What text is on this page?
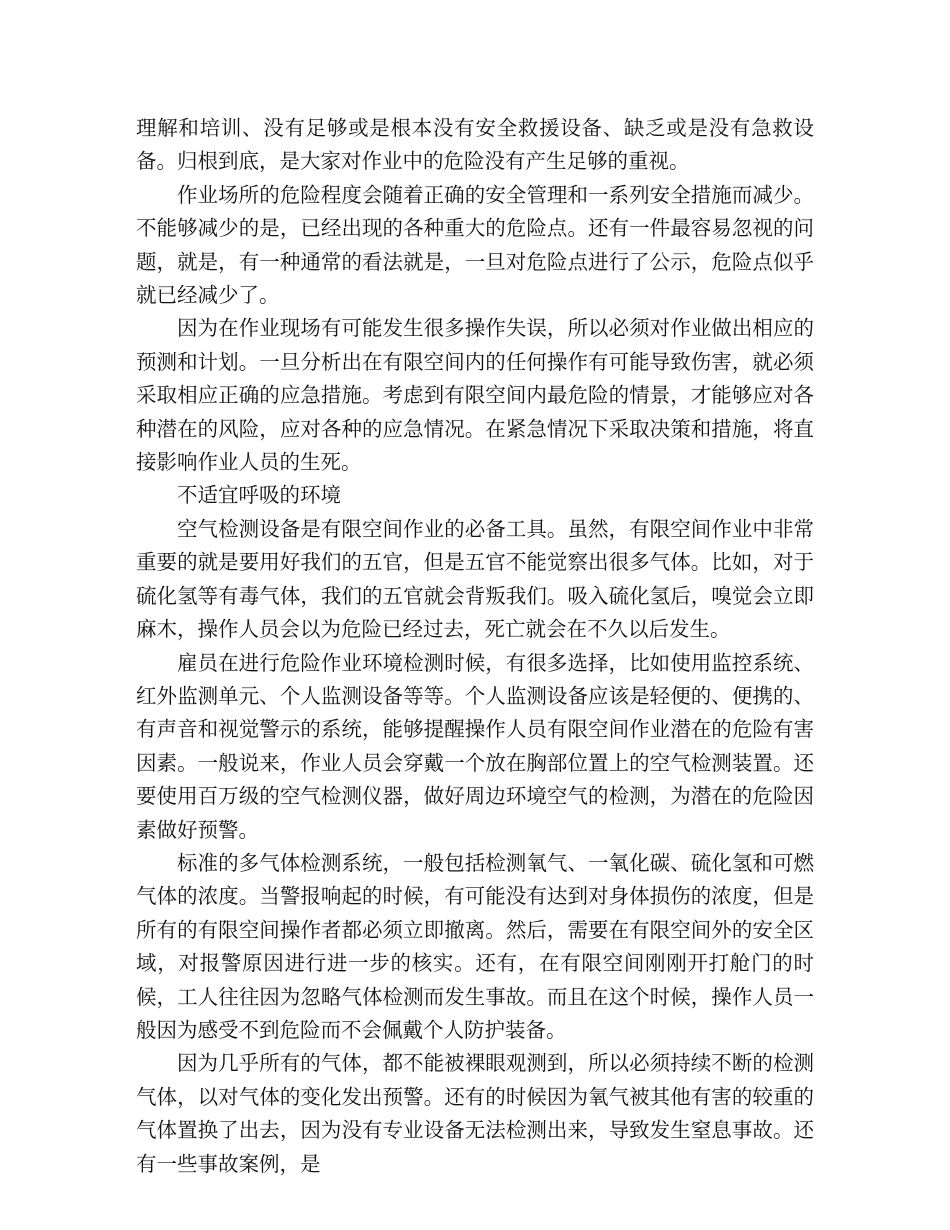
理解和培训、没有足够或是根本没有安全救援设备、缺乏或是没有急救设备。归根到底，是大家对作业中的危险没有产生足够的重视。

作业场所的危险程度会随着正确的安全管理和一系列安全措施而减少。不能够减少的是，已经出现的各种重大的危险点。还有一件最容易忽视的问题，就是，有一种通常的看法就是，一旦对危险点进行了公示，危险点似乎就已经减少了。

因为在作业现场有可能发生很多操作失误，所以必须对作业做出相应的预测和计划。一旦分析出在有限空间内的任何操作有可能导致伤害，就必须采取相应正确的应急措施。考虑到有限空间内最危险的情景，才能够应对各种潜在的风险，应对各种的应急情况。在紧急情况下采取决策和措施，将直接影响作业人员的生死。

不适宜呼吸的环境

空气检测设备是有限空间作业的必备工具。虽然，有限空间作业中非常重要的就是要用好我们的五官，但是五官不能觉察出很多气体。比如，对于硫化氢等有毒气体，我们的五官就会背叛我们。吸入硫化氢后，嗅觉会立即麻木，操作人员会以为危险已经过去，死亡就会在不久以后发生。

雇员在进行危险作业环境检测时候，有很多选择，比如使用监控系统、红外监测单元、个人监测设备等等。个人监测设备应该是轻便的、便携的、有声音和视觉警示的系统，能够提醒操作人员有限空间作业潜在的危险有害因素。一般说来，作业人员会穿戴一个放在胸部位置上的空气检测装置。还要使用百万级的空气检测仪器，做好周边环境空气的检测，为潜在的危险因素做好预警。

标准的多气体检测系统，一般包括检测氧气、一氧化碳、硫化氢和可燃气体的浓度。当警报响起的时候，有可能没有达到对身体损伤的浓度，但是所有的有限空间操作者都必须立即撤离。然后，需要在有限空间外的安全区域，对报警原因进行进一步的核实。还有，在有限空间刚刚开打舱门的时候，工人往往因为忽略气体检测而发生事故。而且在这个时候，操作人员一般因为感受不到危险而不会佩戴个人防护装备。

因为几乎所有的气体，都不能被裸眼观测到，所以必须持续不断的检测气体，以对气体的变化发出预警。还有的时候因为氧气被其他有害的较重的气体置换了出去，因为没有专业设备无法检测出来，导致发生窒息事故。还有一些事故案例，是
